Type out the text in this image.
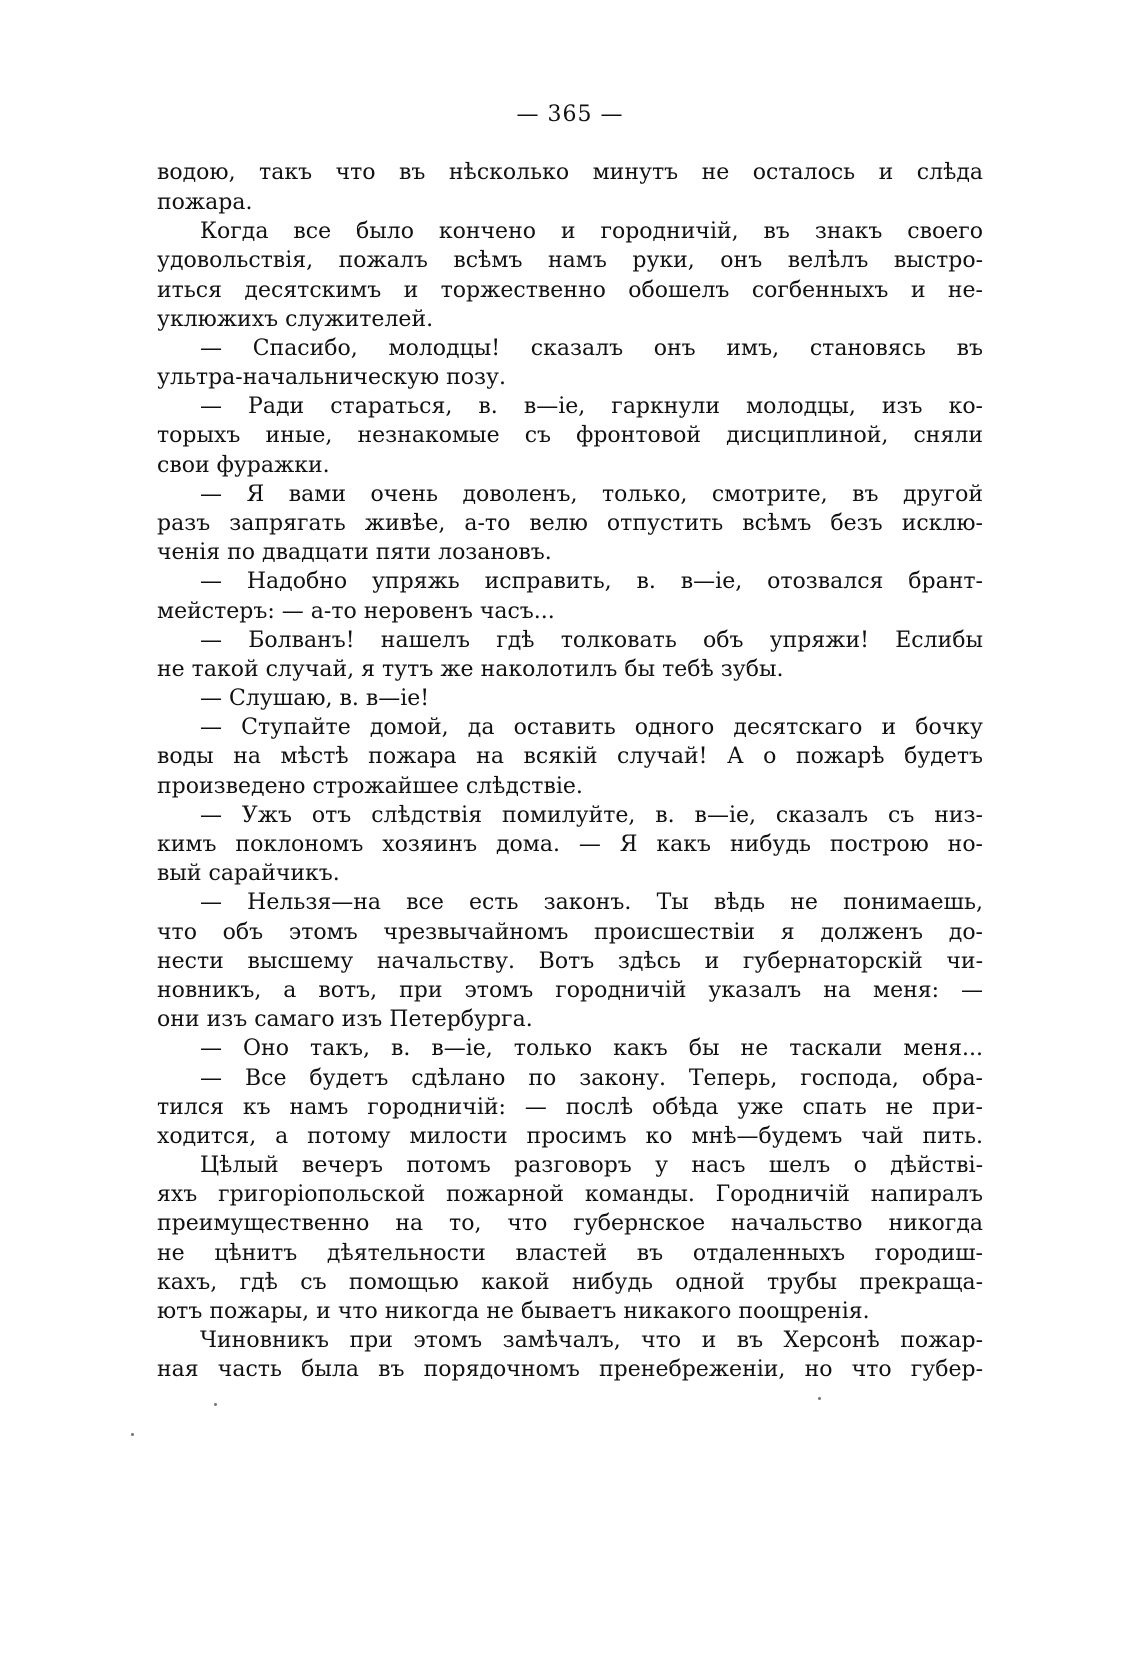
— 365 —
водою, такъ что въ нѣсколько минутъ не осталось и слѣда
пожара.
Когда все было кончено и городничій, въ знакъ своего
удовольствія, пожалъ всѣмъ намъ руки, онъ велѣлъ выстро-
иться десятскимъ и торжественно обошелъ согбенныхъ и не-
уклюжихъ служителей.
— Спасибо, молодцы! сказалъ онъ имъ, становясь въ
ультра-начальническую позу.
— Ради стараться, в. в—іе, гаркнули молодцы, изъ ко-
торыхъ иные, незнакомые съ фронтовой дисциплиной, сняли
свои фуражки.
— Я вами очень доволенъ, только, смотрите, въ другой
разъ запрягать живѣе, а-то велю отпустить всѣмъ безъ исклю-
ченія по двадцати пяти лозановъ.
— Надобно упряжь исправить, в. в—іе, отозвался брант-
мейстеръ: — а-то неровенъ часъ...
— Болванъ! нашелъ гдѣ толковать объ упряжи! Еслибы
не такой случай, я тутъ же наколотилъ бы тебѣ зубы.
— Слушаю, в. в—іе!
— Ступайте домой, да оставить одного десятскаго и бочку
воды на мѣстѣ пожара на всякій случай! А о пожарѣ будетъ
произведено строжайшее слѣдствіе.
— Ужъ отъ слѣдствія помилуйте, в. в—іе, сказалъ съ низ-
кимъ поклономъ хозяинъ дома. — Я какъ нибудь построю но-
вый сарайчикъ.
— Нельзя—на все есть законъ. Ты вѣдь не понимаешь,
что объ этомъ чрезвычайномъ происшествіи я долженъ до-
нести высшему начальству. Вотъ здѣсь и губернаторскій чи-
новникъ, а вотъ, при этомъ городничій указалъ на меня: —
они изъ самаго изъ Петербурга.
— Оно такъ, в. в—іе, только какъ бы не таскали меня...
— Все будетъ сдѣлано по закону. Теперь, господа, обра-
тился къ намъ городничій: — послѣ обѣда уже спать не при-
ходится, а потому милости просимъ ко мнѣ—будемъ чай пить.
Цѣлый вечеръ потомъ разговоръ у насъ шелъ о дѣйстві-
яхъ григоріопольской пожарной команды. Городничій напиралъ
преимущественно на то, что губернское начальство никогда
не цѣнитъ дѣятельности властей въ отдаленныхъ городиш-
кахъ, гдѣ съ помощью какой нибудь одной трубы прекраща-
ютъ пожары, и что никогда не бываетъ никакого поощренія.
Чиновникъ при этомъ замѣчалъ, что и въ Херсонѣ пожар-
ная часть была въ порядочномъ пренебреженіи, но что губер-
